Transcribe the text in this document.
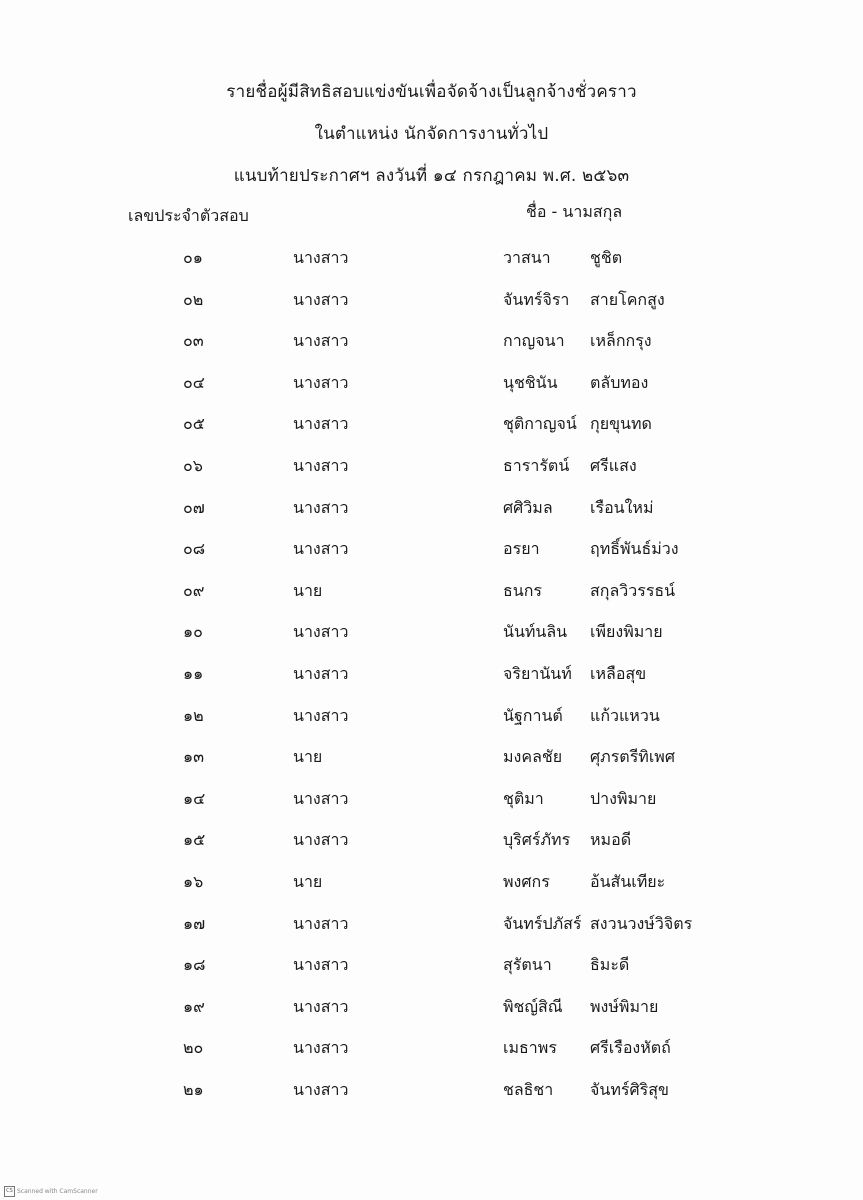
รายชื่อผู้มีสิทธิสอบแข่งขันเพื่อจัดจ้างเป็นลูกจ้างชั่วคราว
ในตำแหน่ง นักจัดการงานทั่วไป
แนบท้ายประกาศฯ ลงวันที่ ๑๔ กรกฎาคม พ.ศ. ๒๕๖๓
เลขประจำตัวสอบ	ชื่อ - นามสกุล
๐๑	นางสาว	วาสนา ชูชิต
๐๒	นางสาว	จันทร์จิรา สายโคกสูง
๐๓	นางสาว	กาญจนา เหล็กกรุง
๐๔	นางสาว	นุชชินัน ตลับทอง
๐๕	นางสาว	ชุติกาญจน์ กุยขุนทด
๐๖	นางสาว	ธารารัตน์ ศรีแสง
๐๗	นางสาว	ศศิวิมล เรือนใหม่
๐๘	นางสาว	อรยา	ฤทธิ์พันธ์ม่วง
๐๙	นาย	ธนกร	สกุลวิวรรธน์
๑๐	นางสาว	นันท์นลิน เพียงพิมาย
๑๑	นางสาว	จริยานันท์ เหลือสุข
๑๒	นางสาว	นัฐกานต์ แก้วแหวน
๑๓	นาย	มงคลชัย ศุภรตรีทิเพศ
๑๔	นางสาว	ชุติมา	ปางพิมาย
๑๕	นางสาว	บุริศร์ภัทร หมอดี
๑๖	นาย	พงศกร	อ้นสันเทียะ
๑๗	นางสาว	จันทร์ปภัสร์ สงวนวงษ์วิจิตร
๑๘	นางสาว	สุรัตนา ธิมะดี
๑๙	นางสาว	พิชญ์สิณี พงษ์พิมาย
๒๐	นางสาว	เมธาพร ศรีเรืองหัตถ์
๒๑	นางสาว	ชลธิชา จันทร์ศิริสุข
CS Scanned with CamScanner
